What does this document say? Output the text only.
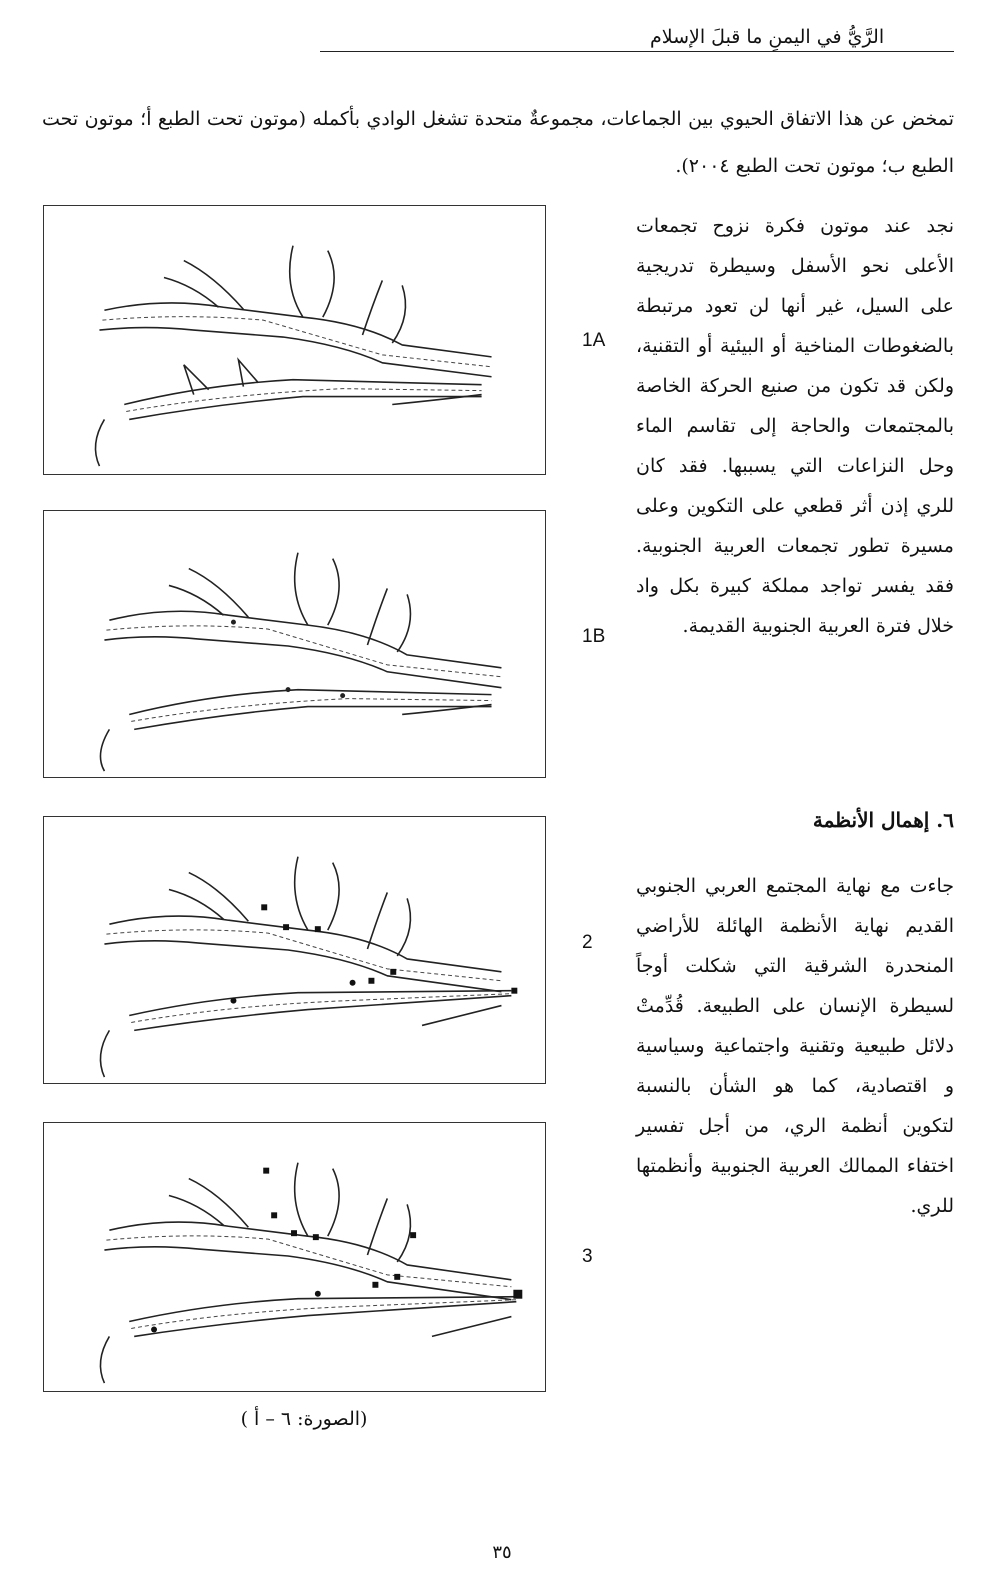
الرَّيُّ في اليمنِ ما قبلَ الإسلام
تمخض عن هذا الاتفاق الحيوي بين الجماعات، مجموعةٌ متحدة تشغل الوادي بأكمله (موتون تحت الطبع أ؛ موتون تحت الطبع ب؛ موتون تحت الطبع ٢٠٠٤).
نجد عند موتون فكرة نزوح تجمعات الأعلى نحو الأسفل وسيطرة تدريجية على السيل، غير أنها لن تعود مرتبطة بالضغوطات المناخية أو البيئية أو التقنية، ولكن قد تكون من صنيع الحركة الخاصة بالمجتمعات والحاجة إلى تقاسم الماء وحل النزاعات التي يسببها. فقد كان للري إذن أثر قطعي على التكوين وعلى مسيرة تطور تجمعات العربية الجنوبية. فقد يفسر تواجد مملكة كبيرة بكل واد خلال فترة العربية الجنوبية القديمة.
٦. إهمال الأنظمة
جاءت مع نهاية المجتمع العربي الجنوبي القديم نهاية الأنظمة الهائلة للأراضي المنحدرة الشرقية التي شكلت أوجاً لسيطرة الإنسان على الطبيعة. قُدِّمتْ دلائل طبيعية وتقنية واجتماعية وسياسية و اقتصادية، كما هو الشأن بالنسبة لتكوين أنظمة الري، من أجل تفسير اختفاء الممالك العربية الجنوبية وأنظمتها للري.
1A
1B
2
3
(الصورة: ٦ – أ )
٣٥
